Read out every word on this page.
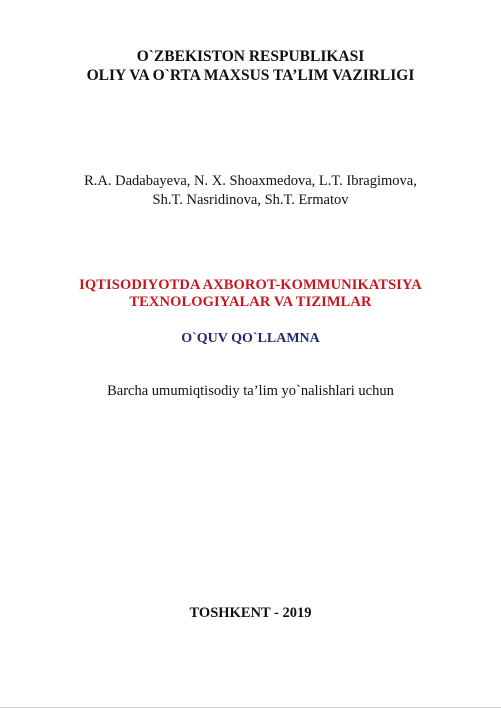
O`ZBEKISTON RESPUBLIKASI
OLIY VA O`RTA MAXSUS TA’LIM VAZIRLIGI
R.A. Dadabayeva, N. X. Shoaxmedova, L.T. Ibragimova,
Sh.T. Nasridinova, Sh.T. Ermatov
IQTISODIYOTDA AXBOROT-KOMMUNIKATSIYA
TEXNOLOGIYALAR VA TIZIMLAR
O`QUV QO`LLAMNA
Barcha umumiqtisodiy ta’lim yo`nalishlari uchun
TOSHKENT - 2019
